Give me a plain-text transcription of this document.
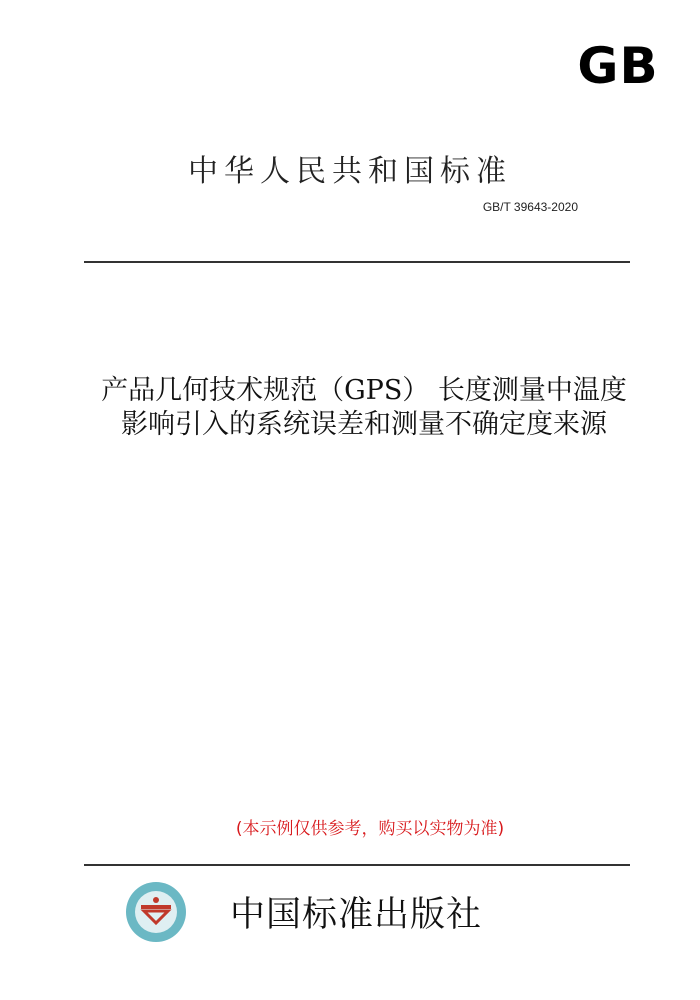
GB
中华人民共和国标准
GB/T 39643-2020
产品几何技术规范（GPS） 长度测量中温度
影响引入的系统误差和测量不确定度来源
(本示例仅供参考，购买以实物为准)
中国标准出版社
